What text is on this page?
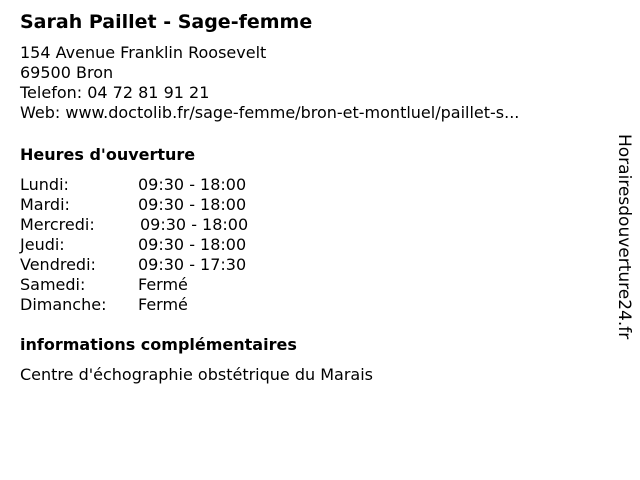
Sarah Paillet - Sage-femme
154 Avenue Franklin Roosevelt
69500 Bron
Telefon: 04 72 81 91 21
Web: www.doctolib.fr/sage-femme/bron-et-montluel/paillet-s...
Heures d'ouverture
Lundi:	09:30 - 18:00
Mardi:	09:30 - 18:00
Mercredi:	09:30 - 18:00
Jeudi:	09:30 - 18:00
Vendredi:	09:30 - 17:30
Samedi:	Fermé
Dimanche: Fermé
informations complémentaires
Centre d'échographie obstétrique du Marais
Horairesdouverture24.fr
